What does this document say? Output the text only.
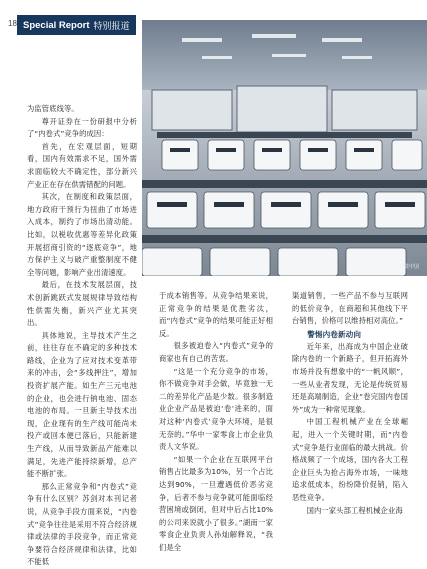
18 Special Report 特别报道
视觉中国

为监管底线等。

尊开证券在一份研报中分析了“内卷式”竞争的成因：

首先，在宏观层面，短期看，国内有效需求不足，国外需求面临较大不确定性，部分新兴产业正在存在供需错配的问题。

其次，在制度和政策层面，地方政府干预行为扭曲了市场进入成本，制约了市场出清动能。比如，以税收优惠等差异化政策开展招商引资的“逐底竞争”，地方保护主义与破产重整制度不健全等问题，影响产业出清速度。

最后，在技术发展层面，技术创新跳跃式发展规律导致结构性供需失衡，新兴产业尤其突出。

具体地说，主导技术产生之前，往往存在不确定的多种技术路线，企业为了应对技术变革带来的冲击，会“多线押注”，增加投资扩展产能。如生产三元电池的企业，也会进行钠电池、固态电池的布局。一旦新主导技术出现，企业现有的生产线可能尚未投产或回本便已落后，只能新建生产线，从而导致新品产能难以满足，先进产能持续新增，总产能不断扩张。

那么正常竞争和“内卷式”竞争有什么区别？苏剑对本刊记者说，从竞争手段方面来说，“内卷式”竞争往往是采用不符合经济规律或法律的手段竞争，而正常竞争要符合经济规律和法律，比如不能低

于成本销售等。从竞争结果来说，正常竞争的结果是优胜劣汰，而“内卷式”竞争的结果可能正好相反。

很多被迫卷入“内卷式”竞争的商家也有自己的苦衷。

“这是一个充分竞争的市场，你不做竞争对手会做，毕竟独一无二的差异化产品是少数。很多制造业企业产品是被迫‘卷’进来的，面对这种‘内卷式’竞争大环境，是很无奈的。”华中一家零食上市企业负责人文华说。

“如果一个企业在互联网平台销售占比最多为10%，另一个占比达到90%，一旦遭遇低价恶劣竞争，后者不参与竞争就可能面临经营困境或倒闭，但对中后占比10%的公司来说就小了很多。”湖南一家零食企业负责人孙灿解释说，“我们是全

渠道销售，一些产品不参与互联网的低价竞争，在商超和其他线下平台销售，价格可以维持相对高位。”

警惕内卷新动向

近年来，出海成为中国企业破除内卷的一个新路子，但开拓海外市场并没有想象中的“一帆风顺”，一些从业者发现，无论是传统贸易还是高端制造，企业“卷完国内卷国外”成为一种常见现象。

中国工程机械产业在全球崛起，进入一个关键时期，而“内卷式”竞争是行业面临的最大挑战。价格战频了一个成场，国内各大工程企业巨头为抢占海外市场，一味地追求低成本，纷纷降价促销，陷入恶性竞争。

国内一家头部工程机械企业海
